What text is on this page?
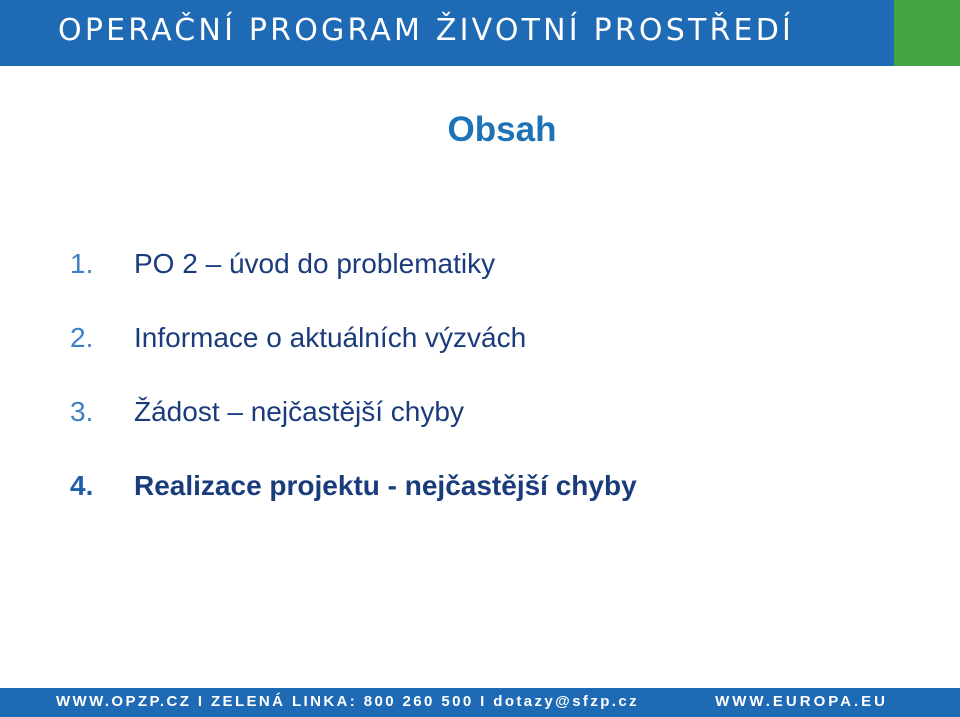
OPERAČNÍ PROGRAM ŽIVOTNÍ PROSTŘEDÍ
Obsah
1. PO 2 – úvod do problematiky
2. Informace o aktuálních výzvách
3. Žádost – nejčastější chyby
4. Realizace projektu - nejčastější chyby
WWW.OPZP.CZ I ZELENÁ LINKA: 800 260 500 I dotazy@sfzp.cz	WWW.EUROPA.EU
